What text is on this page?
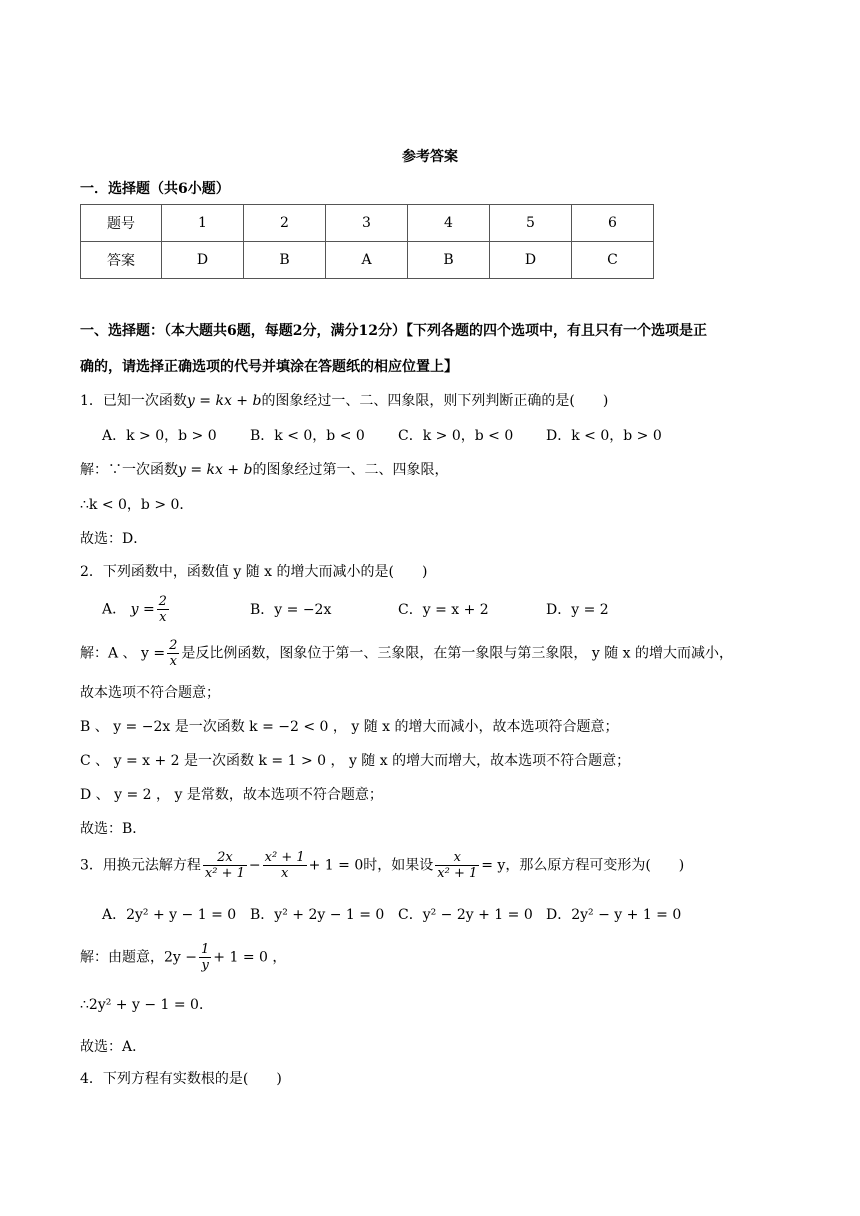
参考答案
一．选择题（共6小题）
题号	1	2	3	4	5	6
答案	D	B	A	B	D	C
一、选择题：（本大题共6题，每题2分，满分12分）【下列各题的四个选项中，有且只有一个选项是正
确的，请选择正确选项的代号并填涂在答题纸的相应位置上】
1．已知一次函数y = kx + b的图象经过一、二、四象限，则下列判断正确的是(　　)
A．k > 0，b > 0 B．k < 0，b < 0 C．k > 0，b < 0 D．k < 0，b > 0
解：∵一次函数y = kx + b的图象经过第一、二、四象限，
∴k < 0，b > 0．
故选：D．
2．下列函数中，函数值 y 随 x 的增大而减小的是(　　)
A． $y = \frac{2}{x}$	B．y = −2x	C．y = x + 2	D．y = 2
解：A 、 $y = \frac{2}{x}$ 是反比例函数，图象位于第一、三象限，在第一象限与第三象限， y 随 x 的增大而减小，
故本选项不符合题意；
B 、 y = −2x 是一次函数 k = −2 < 0 ， y 随 x 的增大而减小，故本选项符合题意；
C 、 y = x + 2 是一次函数 k = 1 > 0 ， y 随 x 的增大而增大，故本选项不符合题意；
D 、 y = 2 ， y 是常数，故本选项不符合题意；
故选：B．
3．用换元法解方程 $\frac{2x}{\text{x² + 1}} - \frac{\text{x² + 1}}{x} + 1 = 0$时，如果设 $\frac{x}{\text{x² + 1}} = y$，那么原方程可变形为(　　)
A．2y² + y − 1 = 0 B．y² + 2y − 1 = 0 C．y² − 2y + 1 = 0 D．2y² − y + 1 = 0
解：由题意，$2y - \frac{1}{y} + 1 = 0$ ，
∴2y² + y − 1 = 0．
故选：A．
4．下列方程有实数根的是(　　)
